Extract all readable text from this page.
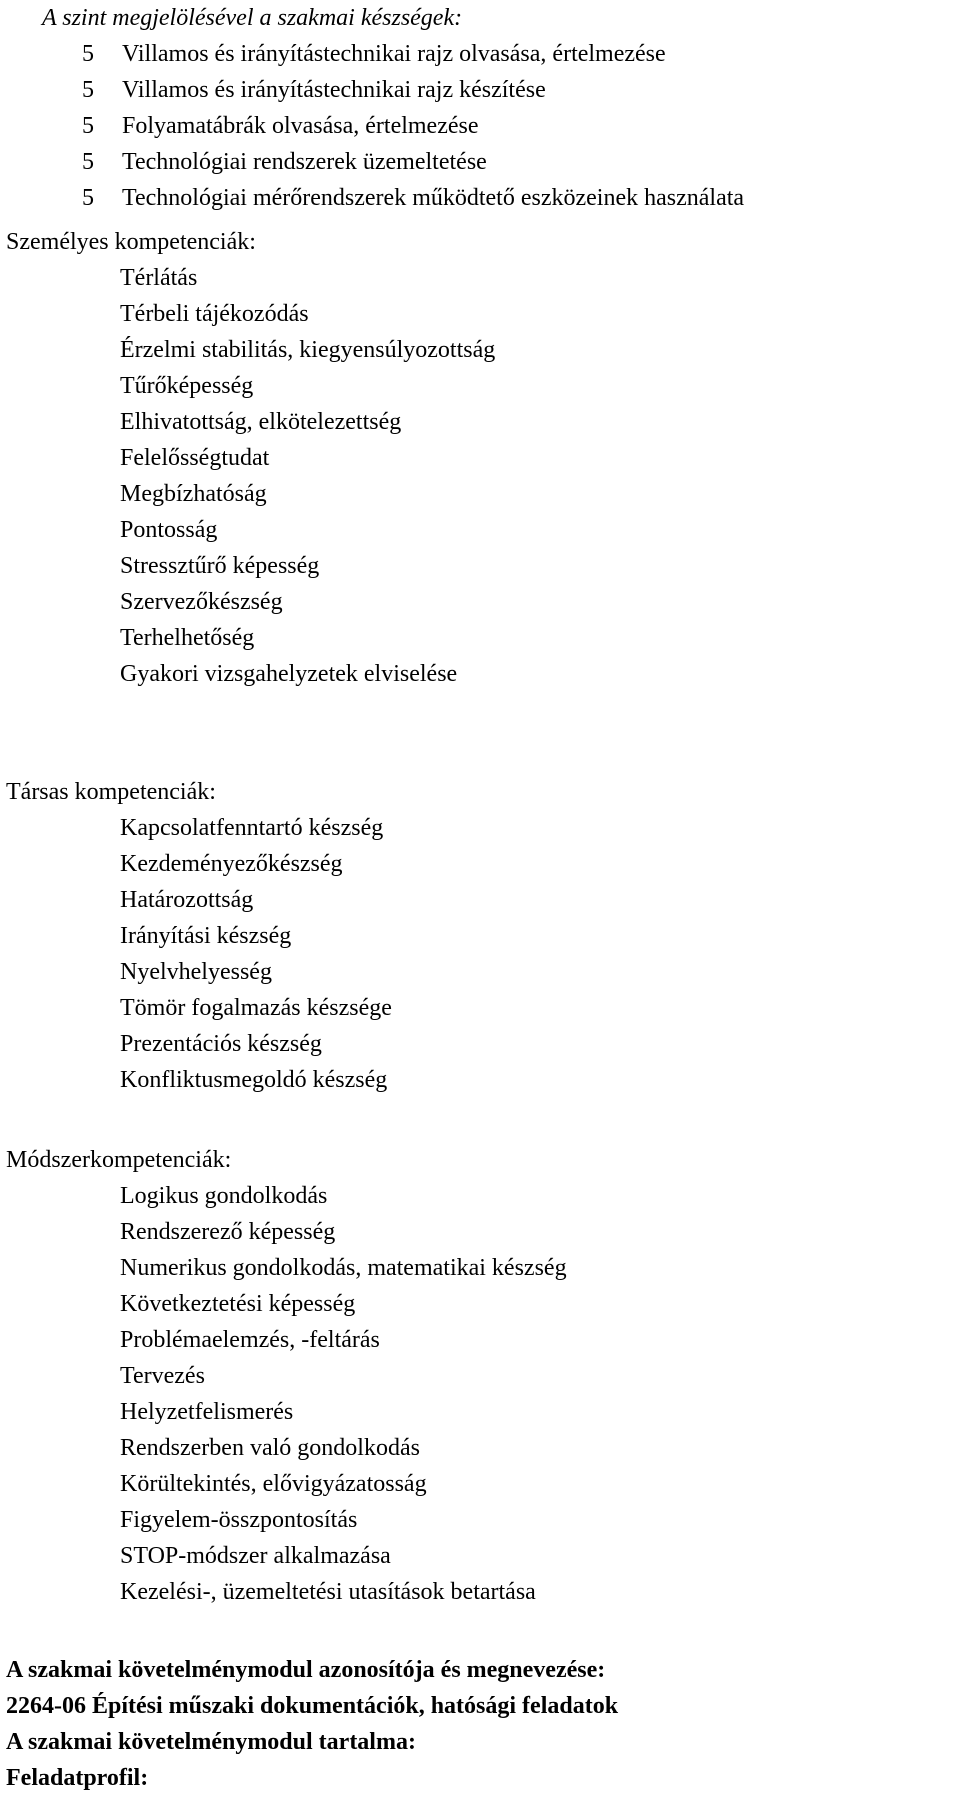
A szint megjelölésével a szakmai készségek:
5 Villamos és irányítástechnikai rajz olvasása, értelmezése
5 Villamos és irányítástechnikai rajz készítése
5 Folyamatábrák olvasása, értelmezése
5 Technológiai rendszerek üzemeltetése
5 Technológiai mérőrendszerek működtető eszközeinek használata
Személyes kompetenciák:
Térlátás
Térbeli tájékozódás
Érzelmi stabilitás, kiegyensúlyozottság
Tűrőképesség
Elhivatottság, elkötelezettség
Felelősségtudat
Megbízhatóság
Pontosság
Stressztűrő képesség
Szervezőkészség
Terhelhetőség
Gyakori vizsgahelyzetek elviselése
Társas kompetenciák:
Kapcsolatfenntartó készség
Kezdeményezőkészség
Határozottság
Irányítási készség
Nyelvhelyesség
Tömör fogalmazás készsége
Prezentációs készség
Konfliktusmegoldó készség
Módszerkompetenciák:
Logikus gondolkodás
Rendszerező képesség
Numerikus gondolkodás, matematikai készség
Következtetési képesség
Problémaelemzés, -feltárás
Tervezés
Helyzetfelismerés
Rendszerben való gondolkodás
Körültekintés, elővigyázatosság
Figyelem-összpontosítás
STOP-módszer alkalmazása
Kezelési-, üzemeltetési utasítások betartása
A szakmai követelménymodul azonosítója és megnevezése:
2264-06 Építési műszaki dokumentációk, hatósági feladatok
A szakmai követelménymodul tartalma:
Feladatprofil:
